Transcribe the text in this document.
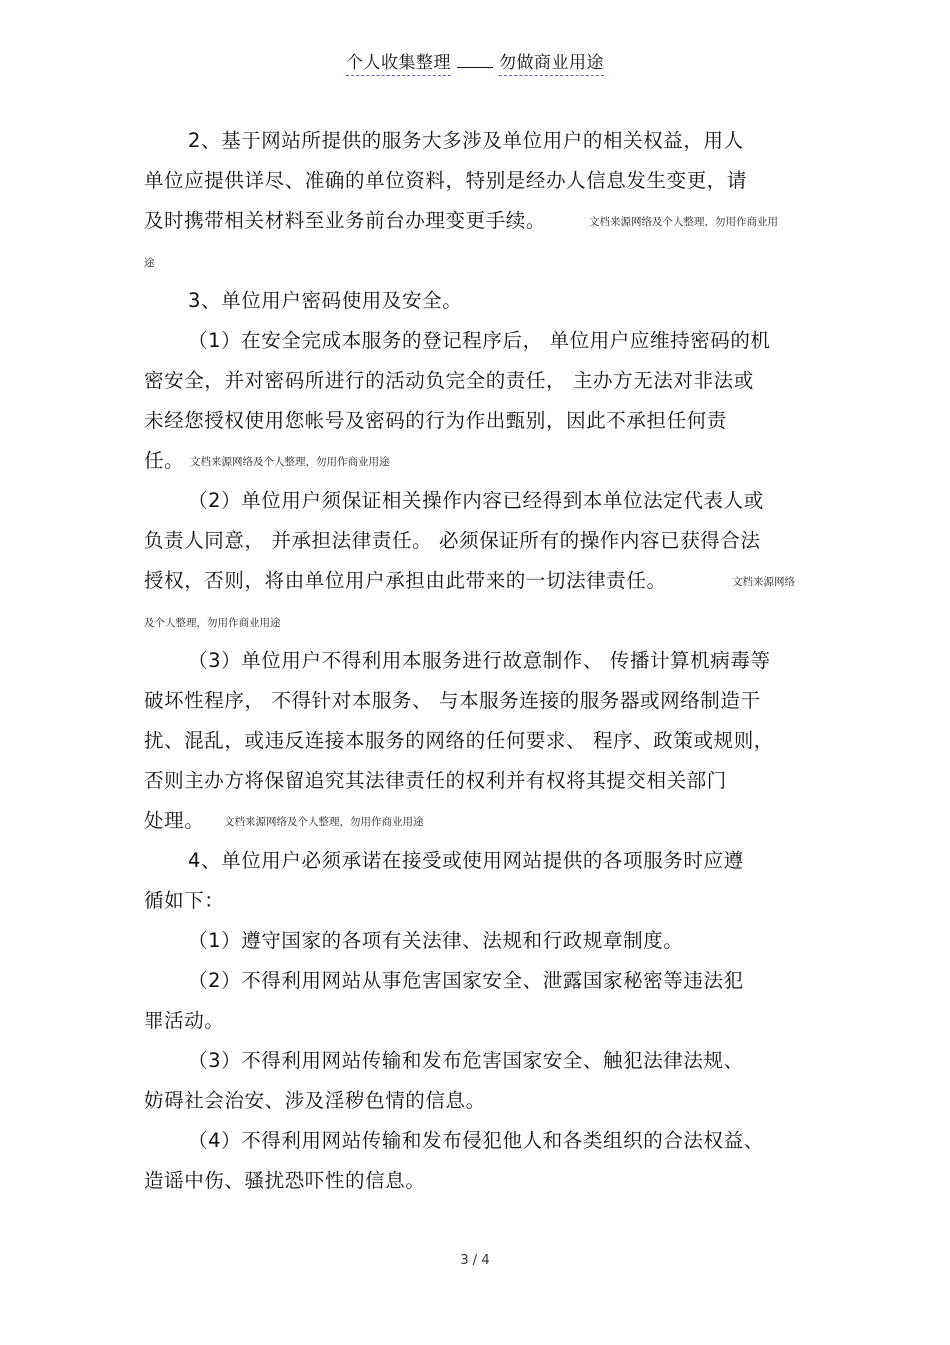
个人收集整理	勿做商业用途
2、基于网站所提供的服务大多涉及单位用户的相关权益，用人
单位应提供详尽、准确的单位资料，特别是经办人信息发生变更，请
及时携带相关材料至业务前台办理变更手续。	文档来源网络及个人整理，勿用作商业用
途
3、单位用户密码使用及安全。
（1）在安全完成本服务的登记程序后， 单位用户应维持密码的机
密安全，并对密码所进行的活动负完全的责任， 主办方无法对非法或
未经您授权使用您帐号及密码的行为作出甄别，因此不承担任何责
任。 文档来源网络及个人整理，勿用作商业用途
（2）单位用户须保证相关操作内容已经得到本单位法定代表人或
负责人同意， 并承担法律责任。 必须保证所有的操作内容已获得合法
授权，否则，将由单位用户承担由此带来的一切法律责任。	文档来源网络
及个人整理，勿用作商业用途
（3）单位用户不得利用本服务进行故意制作、 传播计算机病毒等
破坏性程序， 不得针对本服务、 与本服务连接的服务器或网络制造干
扰、混乱，或违反连接本服务的网络的任何要求、 程序、政策或规则，
否则主办方将保留追究其法律责任的权利并有权将其提交相关部门
处理。 文档来源网络及个人整理，勿用作商业用途
4、单位用户必须承诺在接受或使用网站提供的各项服务时应遵
循如下：
（1）遵守国家的各项有关法律、法规和行政规章制度。
（2）不得利用网站从事危害国家安全、泄露国家秘密等违法犯
罪活动。
（3）不得利用网站传输和发布危害国家安全、触犯法律法规、
妨碍社会治安、涉及淫秽色情的信息。
（4）不得利用网站传输和发布侵犯他人和各类组织的合法权益、
造谣中伤、骚扰恐吓性的信息。
3 / 4
